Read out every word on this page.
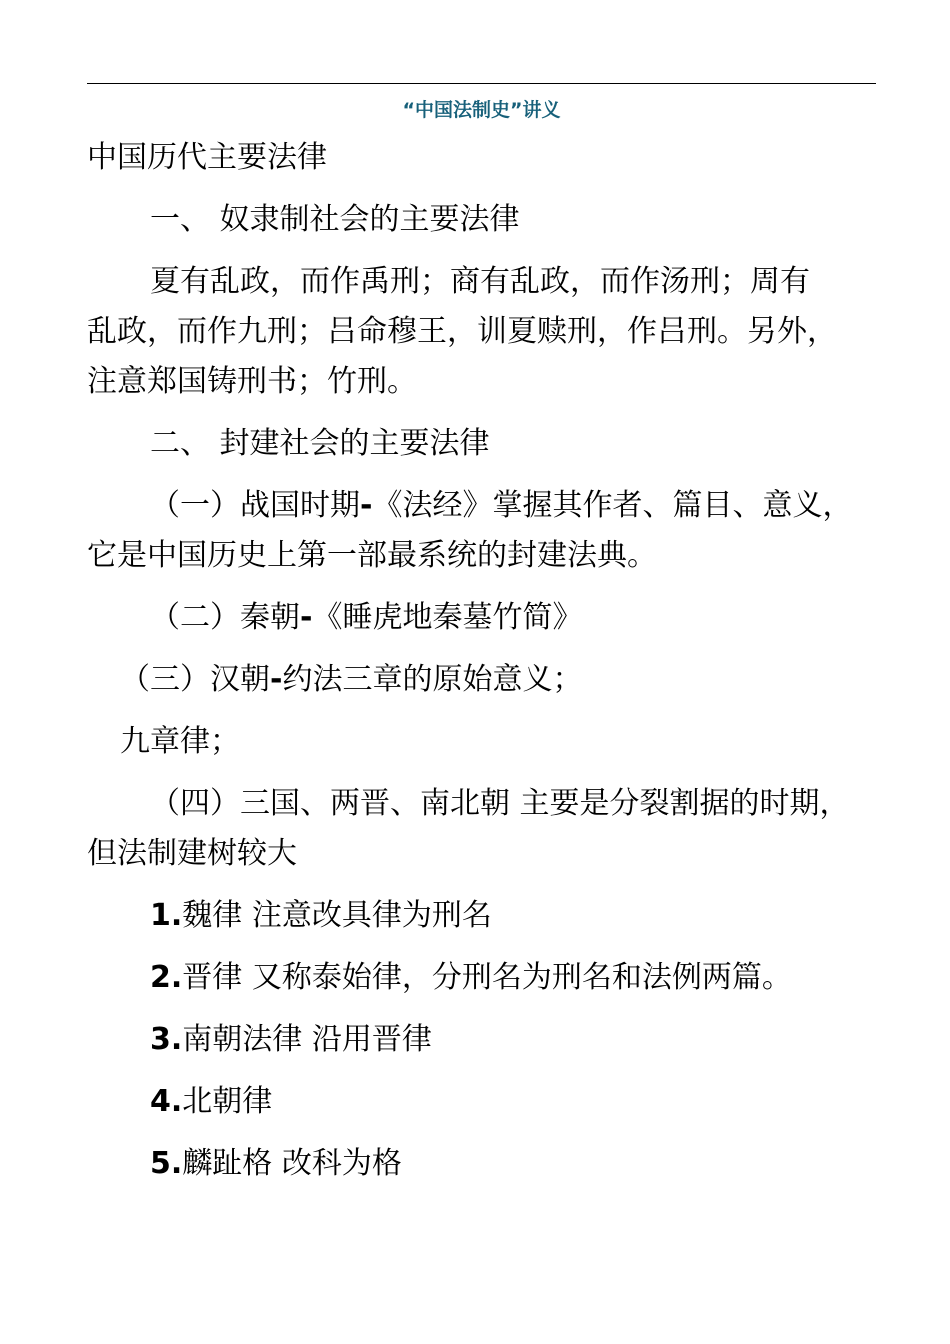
“中国法制史”讲义
中国历代主要法律
一、 奴隶制社会的主要法律
夏有乱政，而作禹刑；商有乱政，而作汤刑；周有
乱政，而作九刑；吕命穆王，训夏赎刑，作吕刑。另外，
注意郑国铸刑书；竹刑。
二、 封建社会的主要法律
（一）战国时期-《法经》掌握其作者、篇目、意义，
它是中国历史上第一部最系统的封建法典。
（二）秦朝-《睡虎地秦墓竹简》
（三）汉朝-约法三章的原始意义；
九章律；
（四）三国、两晋、南北朝 主要是分裂割据的时期，
但法制建树较大
1.魏律 注意改具律为刑名
2.晋律 又称泰始律，分刑名为刑名和法例两篇。
3.南朝法律 沿用晋律
4.北朝律
5.麟趾格 改科为格
